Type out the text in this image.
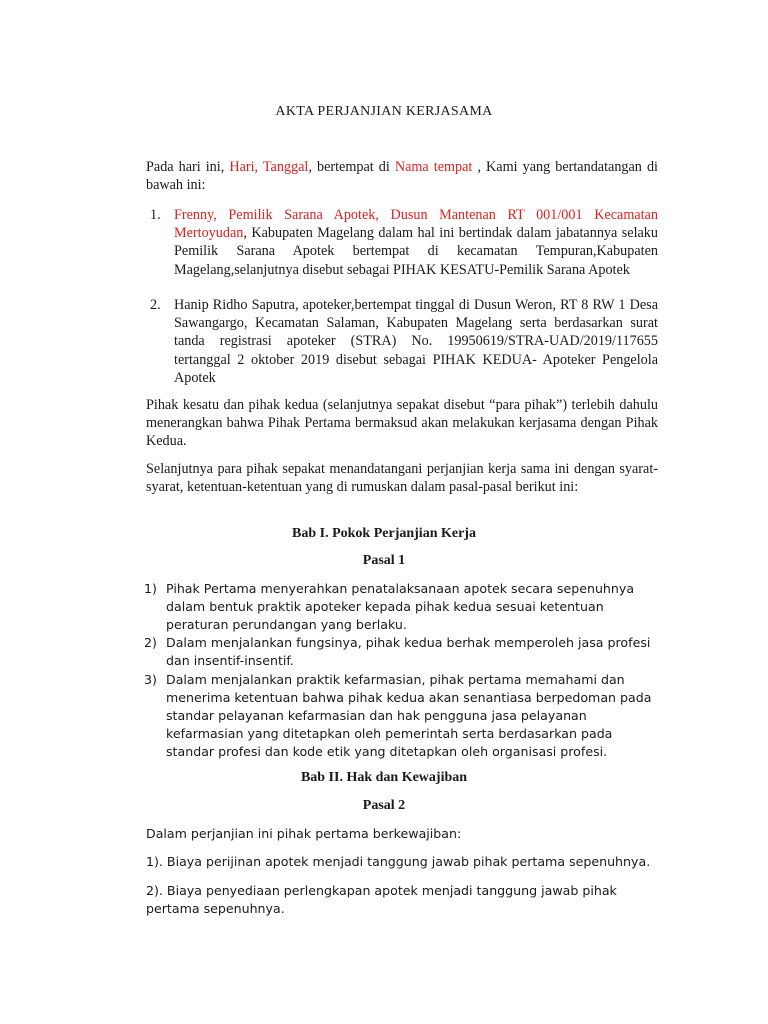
AKTA PERJANJIAN KERJASAMA
Pada hari ini, Hari, Tanggal, bertempat di Nama tempat , Kami yang bertandatangan di bawah ini:
1. Frenny, Pemilik Sarana Apotek, Dusun Mantenan RT 001/001 Kecamatan Mertoyudan, Kabupaten Magelang dalam hal ini bertindak dalam jabatannya selaku Pemilik Sarana Apotek bertempat di kecamatan Tempuran,Kabupaten Magelang,selanjutnya disebut sebagai PIHAK KESATU-Pemilik Sarana Apotek
2. Hanip Ridho Saputra, apoteker,bertempat tinggal di Dusun Weron, RT 8 RW 1 Desa Sawangargo, Kecamatan Salaman, Kabupaten Magelang serta berdasarkan surat tanda registrasi apoteker (STRA) No. 19950619/STRA-UAD/2019/117655 tertanggal 2 oktober 2019 disebut sebagai PIHAK KEDUA- Apoteker Pengelola Apotek
Pihak kesatu dan pihak kedua (selanjutnya sepakat disebut “para pihak”) terlebih dahulu menerangkan bahwa Pihak Pertama bermaksud akan melakukan kerjasama dengan Pihak Kedua.
Selanjutnya para pihak sepakat menandatangani perjanjian kerja sama ini dengan syarat-syarat, ketentuan-ketentuan yang di rumuskan dalam pasal-pasal berikut ini:
Bab I. Pokok Perjanjian Kerja
Pasal 1
1) Pihak Pertama menyerahkan penatalaksanaan apotek secara sepenuhnya dalam bentuk praktik apoteker kepada pihak kedua sesuai ketentuan peraturan perundangan yang berlaku.
2) Dalam menjalankan fungsinya, pihak kedua berhak memperoleh jasa profesi dan insentif-insentif.
3) Dalam menjalankan praktik kefarmasian, pihak pertama memahami dan menerima ketentuan bahwa pihak kedua akan senantiasa berpedoman pada standar pelayanan kefarmasian dan hak pengguna jasa pelayanan kefarmasian yang ditetapkan oleh pemerintah serta berdasarkan pada standar profesi dan kode etik yang ditetapkan oleh organisasi profesi.
Bab II. Hak dan Kewajiban
Pasal 2
Dalam perjanjian ini pihak pertama berkewajiban:
1). Biaya perijinan apotek menjadi tanggung jawab pihak pertama sepenuhnya.
2). Biaya penyediaan perlengkapan apotek menjadi tanggung jawab pihak pertama sepenuhnya.
